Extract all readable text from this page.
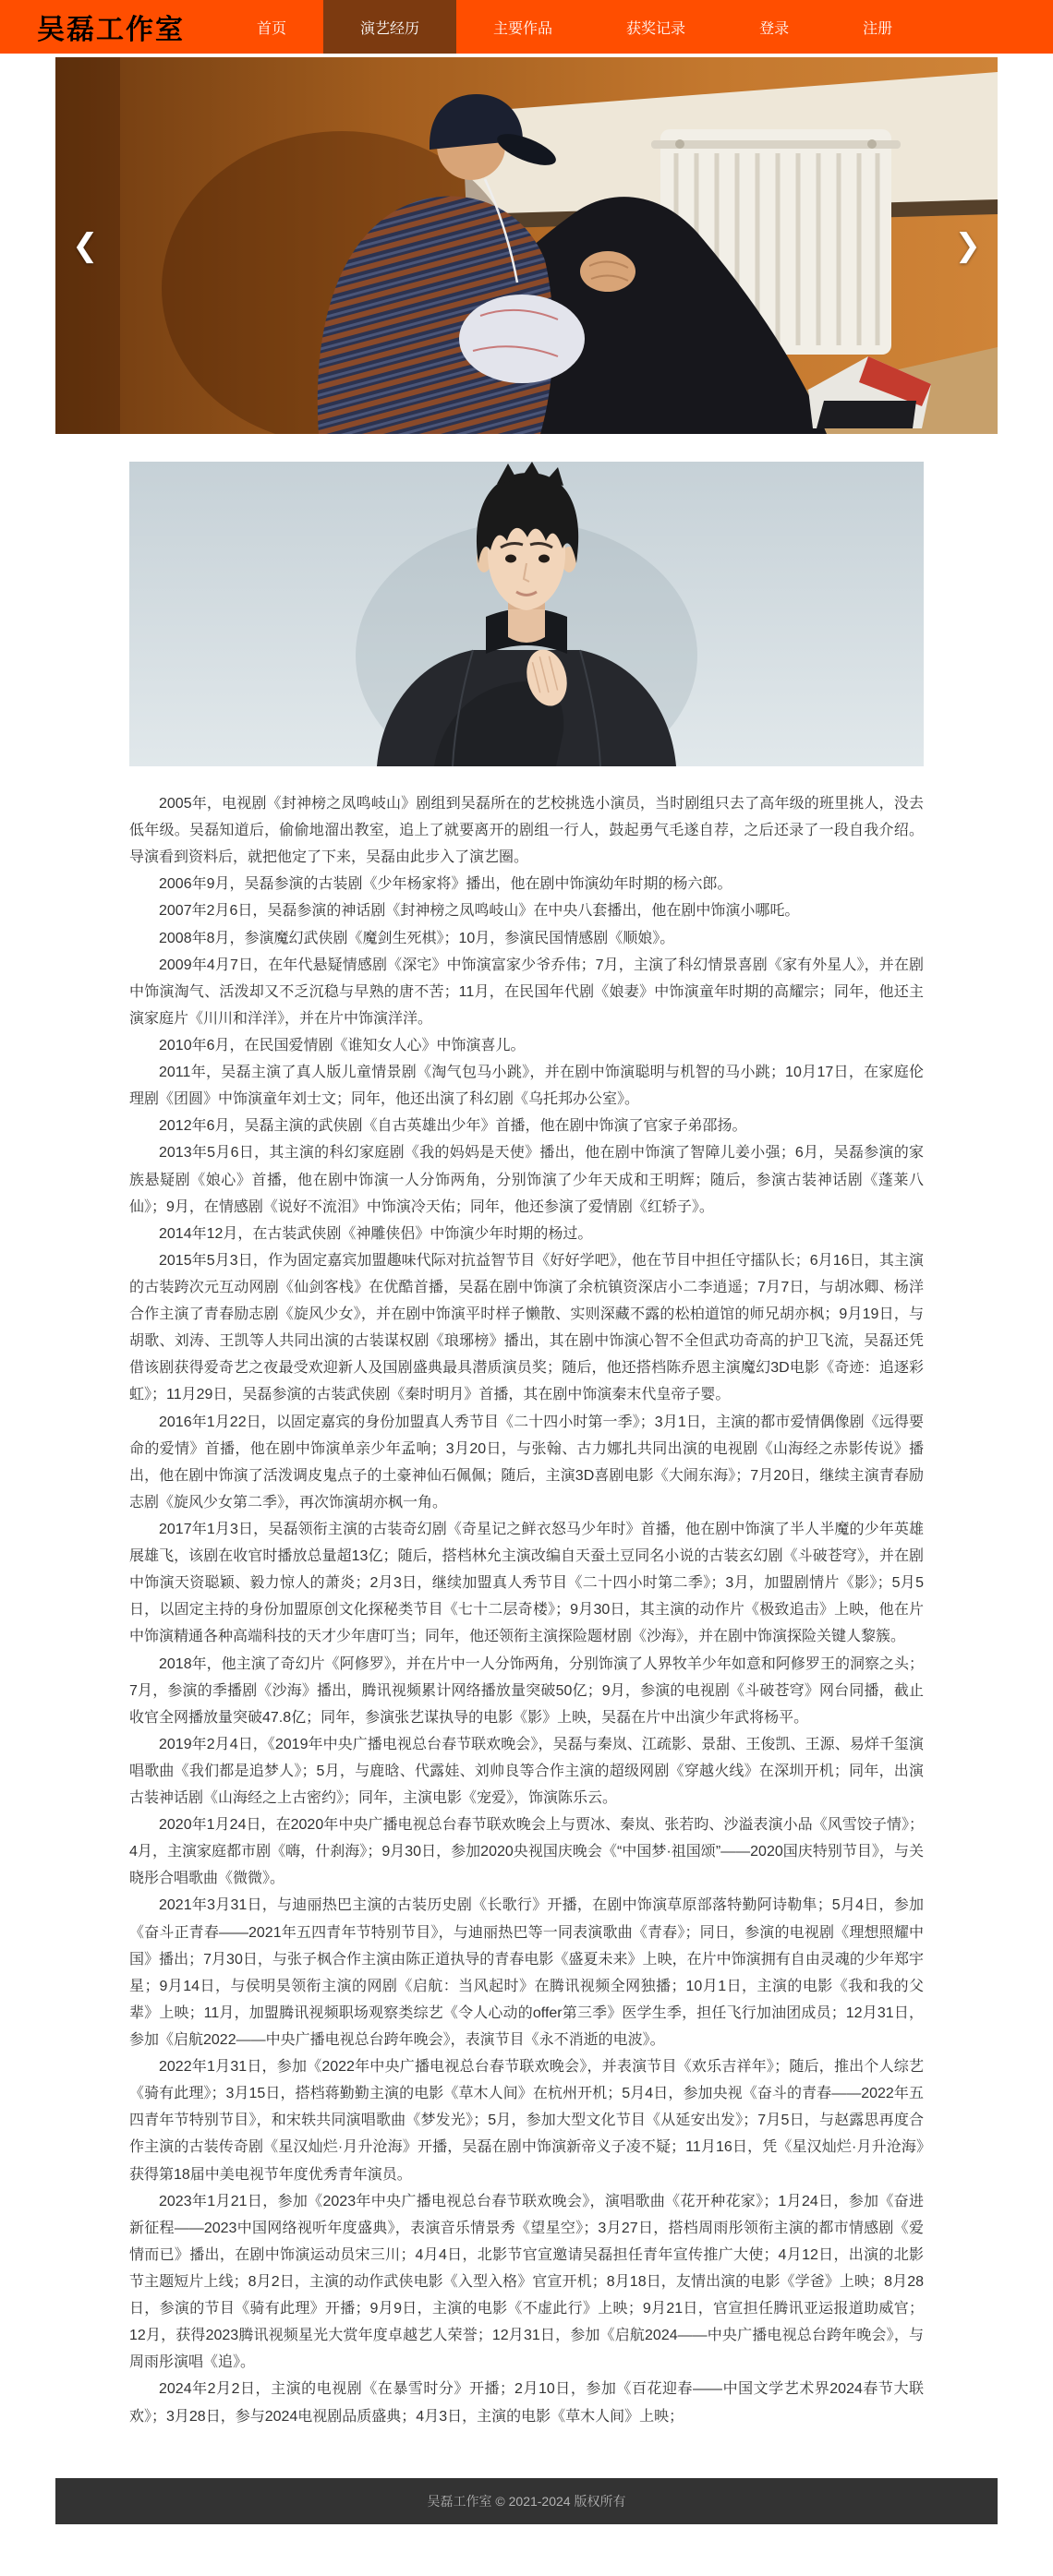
吴磊工作室	首页	演艺经历	主要作品	获奖记录	登录	注册
❮	❯

2005年，电视剧《封神榜之凤鸣岐山》剧组到吴磊所在的艺校挑选小演员，当时剧组只去了高年级的班里挑人，没去低年级。吴磊知道后，偷偷地溜出教室，追上了就要离开的剧组一行人，鼓起勇气毛遂自荐，之后还录了一段自我介绍。导演看到资料后，就把他定了下来，吴磊由此步入了演艺圈。

2006年9月，吴磊参演的古装剧《少年杨家将》播出，他在剧中饰演幼年时期的杨六郎。

2007年2月6日，吴磊参演的神话剧《封神榜之凤鸣岐山》在中央八套播出，他在剧中饰演小哪吒。

2008年8月，参演魔幻武侠剧《魔剑生死棋》；10月，参演民国情感剧《顺娘》。

2009年4月7日，在年代悬疑情感剧《深宅》中饰演富家少爷乔伟；7月，主演了科幻情景喜剧《家有外星人》，并在剧中饰演淘气、活泼却又不乏沉稳与早熟的唐不苦；11月，在民国年代剧《娘妻》中饰演童年时期的高耀宗；同年，他还主演家庭片《川川和洋洋》，并在片中饰演洋洋。

2010年6月，在民国爱情剧《谁知女人心》中饰演喜儿。

2011年，吴磊主演了真人版儿童情景剧《淘气包马小跳》，并在剧中饰演聪明与机智的马小跳；10月17日，在家庭伦理剧《团圆》中饰演童年刘士文；同年，他还出演了科幻剧《乌托邦办公室》。

2012年6月，吴磊主演的武侠剧《自古英雄出少年》首播，他在剧中饰演了官家子弟邵扬。

2013年5月6日，其主演的科幻家庭剧《我的妈妈是天使》播出，他在剧中饰演了智障儿姜小强；6月，吴磊参演的家族悬疑剧《娘心》首播，他在剧中饰演一人分饰两角，分别饰演了少年天成和王明辉；随后，参演古装神话剧《蓬莱八仙》；9月，在情感剧《说好不流泪》中饰演冷天佑；同年，他还参演了爱情剧《红轿子》。

2014年12月，在古装武侠剧《神雕侠侣》中饰演少年时期的杨过。

2015年5月3日，作为固定嘉宾加盟趣味代际对抗益智节目《好好学吧》，他在节目中担任守擂队长；6月16日，其主演的古装跨次元互动网剧《仙剑客栈》在优酷首播，吴磊在剧中饰演了余杭镇资深店小二李逍遥；7月7日，与胡冰卿、杨洋合作主演了青春励志剧《旋风少女》，并在剧中饰演平时样子懒散、实则深藏不露的松柏道馆的师兄胡亦枫；9月19日，与胡歌、刘涛、王凯等人共同出演的古装谋权剧《琅琊榜》播出，其在剧中饰演心智不全但武功奇高的护卫飞流，吴磊还凭借该剧获得爱奇艺之夜最受欢迎新人及国剧盛典最具潜质演员奖；随后，他还搭档陈乔恩主演魔幻3D电影《奇迹：追逐彩虹》；11月29日，吴磊参演的古装武侠剧《秦时明月》首播，其在剧中饰演秦末代皇帝子婴。

2016年1月22日，以固定嘉宾的身份加盟真人秀节目《二十四小时第一季》；3月1日，主演的都市爱情偶像剧《远得要命的爱情》首播，他在剧中饰演单亲少年孟响；3月20日，与张翰、古力娜扎共同出演的电视剧《山海经之赤影传说》播出，他在剧中饰演了活泼调皮鬼点子的土豪神仙石佩佩；随后，主演3D喜剧电影《大闹东海》；7月20日，继续主演青春励志剧《旋风少女第二季》，再次饰演胡亦枫一角。

2017年1月3日，吴磊领衔主演的古装奇幻剧《奇星记之鲜衣怒马少年时》首播，他在剧中饰演了半人半魔的少年英雄展雄飞，该剧在收官时播放总量超13亿；随后，搭档林允主演改编自天蚕土豆同名小说的古装玄幻剧《斗破苍穹》，并在剧中饰演天资聪颖、毅力惊人的萧炎；2月3日，继续加盟真人秀节目《二十四小时第二季》；3月，加盟剧情片《影》；5月5日，以固定主持的身份加盟原创文化探秘类节目《七十二层奇楼》；9月30日，其主演的动作片《极致追击》上映，他在片中饰演精通各种高端科技的天才少年唐叮当；同年，他还领衔主演探险题材剧《沙海》，并在剧中饰演探险关键人黎簇。

2018年，他主演了奇幻片《阿修罗》，并在片中一人分饰两角，分别饰演了人界牧羊少年如意和阿修罗王的洞察之头；7月，参演的季播剧《沙海》播出，腾讯视频累计网络播放量突破50亿；9月，参演的电视剧《斗破苍穹》网台同播，截止收官全网播放量突破47.8亿；同年，参演张艺谋执导的电影《影》上映，吴磊在片中出演少年武将杨平。

2019年2月4日，《2019年中央广播电视总台春节联欢晚会》，吴磊与秦岚、江疏影、景甜、王俊凯、王源、易烊千玺演唱歌曲《我们都是追梦人》；5月，与鹿晗、代露娃、刘帅良等合作主演的超级网剧《穿越火线》在深圳开机；同年，出演古装神话剧《山海经之上古密约》；同年，主演电影《宠爱》，饰演陈乐云。

2020年1月24日，在2020年中央广播电视总台春节联欢晚会上与贾冰、秦岚、张若昀、沙溢表演小品《风雪饺子情》；4月，主演家庭都市剧《嗨，什刹海》；9月30日，参加2020央视国庆晚会《“中国梦·祖国颂”——2020国庆特别节目》，与关晓彤合唱歌曲《微微》。

2021年3月31日，与迪丽热巴主演的古装历史剧《长歌行》开播，在剧中饰演草原部落特勤阿诗勒隼；5月4日，参加《奋斗正青春——2021年五四青年节特别节目》，与迪丽热巴等一同表演歌曲《青春》；同日，参演的电视剧《理想照耀中国》播出；7月30日，与张子枫合作主演由陈正道执导的青春电影《盛夏未来》上映，在片中饰演拥有自由灵魂的少年郑宇星；9月14日，与侯明昊领衔主演的网剧《启航：当风起时》在腾讯视频全网独播；10月1日，主演的电影《我和我的父辈》上映；11月，加盟腾讯视频职场观察类综艺《令人心动的offer第三季》医学生季，担任飞行加油团成员；12月31日，参加《启航2022——中央广播电视总台跨年晚会》，表演节目《永不消逝的电波》。

2022年1月31日，参加《2022年中央广播电视总台春节联欢晚会》，并表演节目《欢乐吉祥年》；随后，推出个人综艺《骑有此理》；3月15日，搭档蒋勤勤主演的电影《草木人间》在杭州开机；5月4日，参加央视《奋斗的青春——2022年五四青年节特别节目》，和宋轶共同演唱歌曲《梦发光》；5月，参加大型文化节目《从延安出发》；7月5日，与赵露思再度合作主演的古装传奇剧《星汉灿烂·月升沧海》开播，吴磊在剧中饰演新帝义子凌不疑；11月16日，凭《星汉灿烂·月升沧海》获得第18届中美电视节年度优秀青年演员。

2023年1月21日，参加《2023年中央广播电视总台春节联欢晚会》，演唱歌曲《花开种花家》；1月24日，参加《奋进新征程——2023中国网络视听年度盛典》，表演音乐情景秀《望星空》；3月27日，搭档周雨彤领衔主演的都市情感剧《爱情而已》播出，在剧中饰演运动员宋三川；4月4日，北影节官宣邀请吴磊担任青年宣传推广大使；4月12日，出演的北影节主题短片上线；8月2日，主演的动作武侠电影《入型入格》官宣开机；8月18日，友情出演的电影《学爸》上映；8月28日，参演的节目《骑有此理》开播；9月9日，主演的电影《不虚此行》上映；9月21日，官宣担任腾讯亚运报道助威官；12月，获得2023腾讯视频星光大赏年度卓越艺人荣誉；12月31日，参加《启航2024——中央广播电视总台跨年晚会》，与周雨彤演唱《追》。

2024年2月2日，主演的电视剧《在暴雪时分》开播；2月10日，参加《百花迎春——中国文学艺术界2024春节大联欢》；3月28日，参与2024电视剧品质盛典；4月3日，主演的电影《草木人间》上映；

吴磊工作室 © 2021-2024 版权所有
